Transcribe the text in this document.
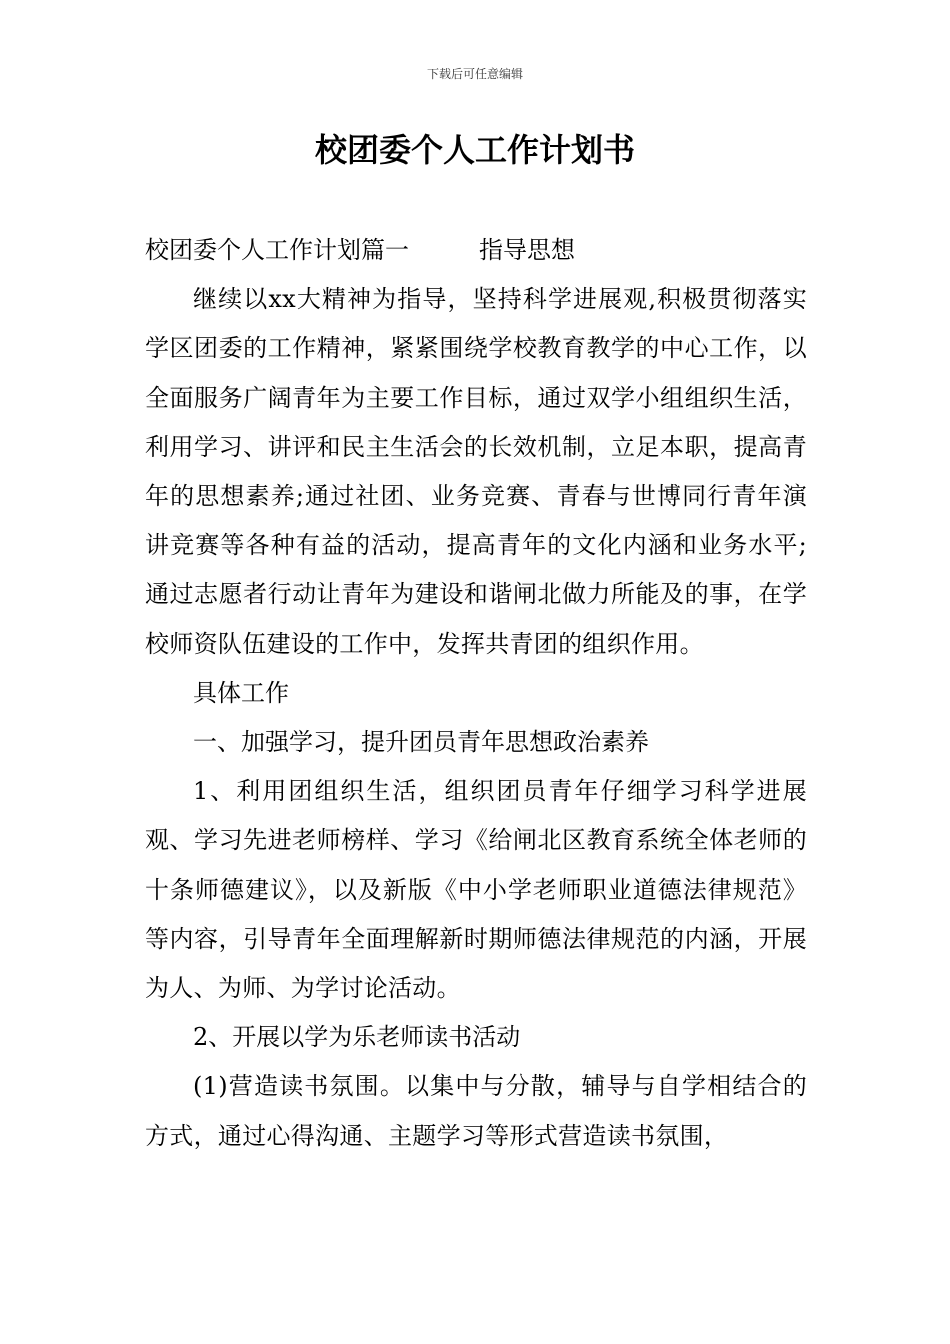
下载后可任意编辑
校团委个人工作计划书

校团委个人工作计划篇一	指导思想

继续以xx大精神为指导，坚持科学进展观,积极贯彻落实学区团委的工作精神，紧紧围绕学校教育教学的中心工作，以全面服务广阔青年为主要工作目标，通过双学小组组织生活，利用学习、讲评和民主生活会的长效机制，立足本职，提高青年的思想素养;通过社团、业务竞赛、青春与世博同行青年演讲竞赛等各种有益的活动，提高青年的文化内涵和业务水平;通过志愿者行动让青年为建设和谐闸北做力所能及的事，在学校师资队伍建设的工作中，发挥共青团的组织作用。

具体工作

一、加强学习，提升团员青年思想政治素养

1、利用团组织生活，组织团员青年仔细学习科学进展观、学习先进老师榜样、学习《给闸北区教育系统全体老师的十条师德建议》，以及新版《中小学老师职业道德法律规范》等内容，引导青年全面理解新时期师德法律规范的内涵，开展为人、为师、为学讨论活动。

2、开展以学为乐老师读书活动

(1)营造读书氛围。以集中与分散，辅导与自学相结合的方式，通过心得沟通、主题学习等形式营造读书氛围，
